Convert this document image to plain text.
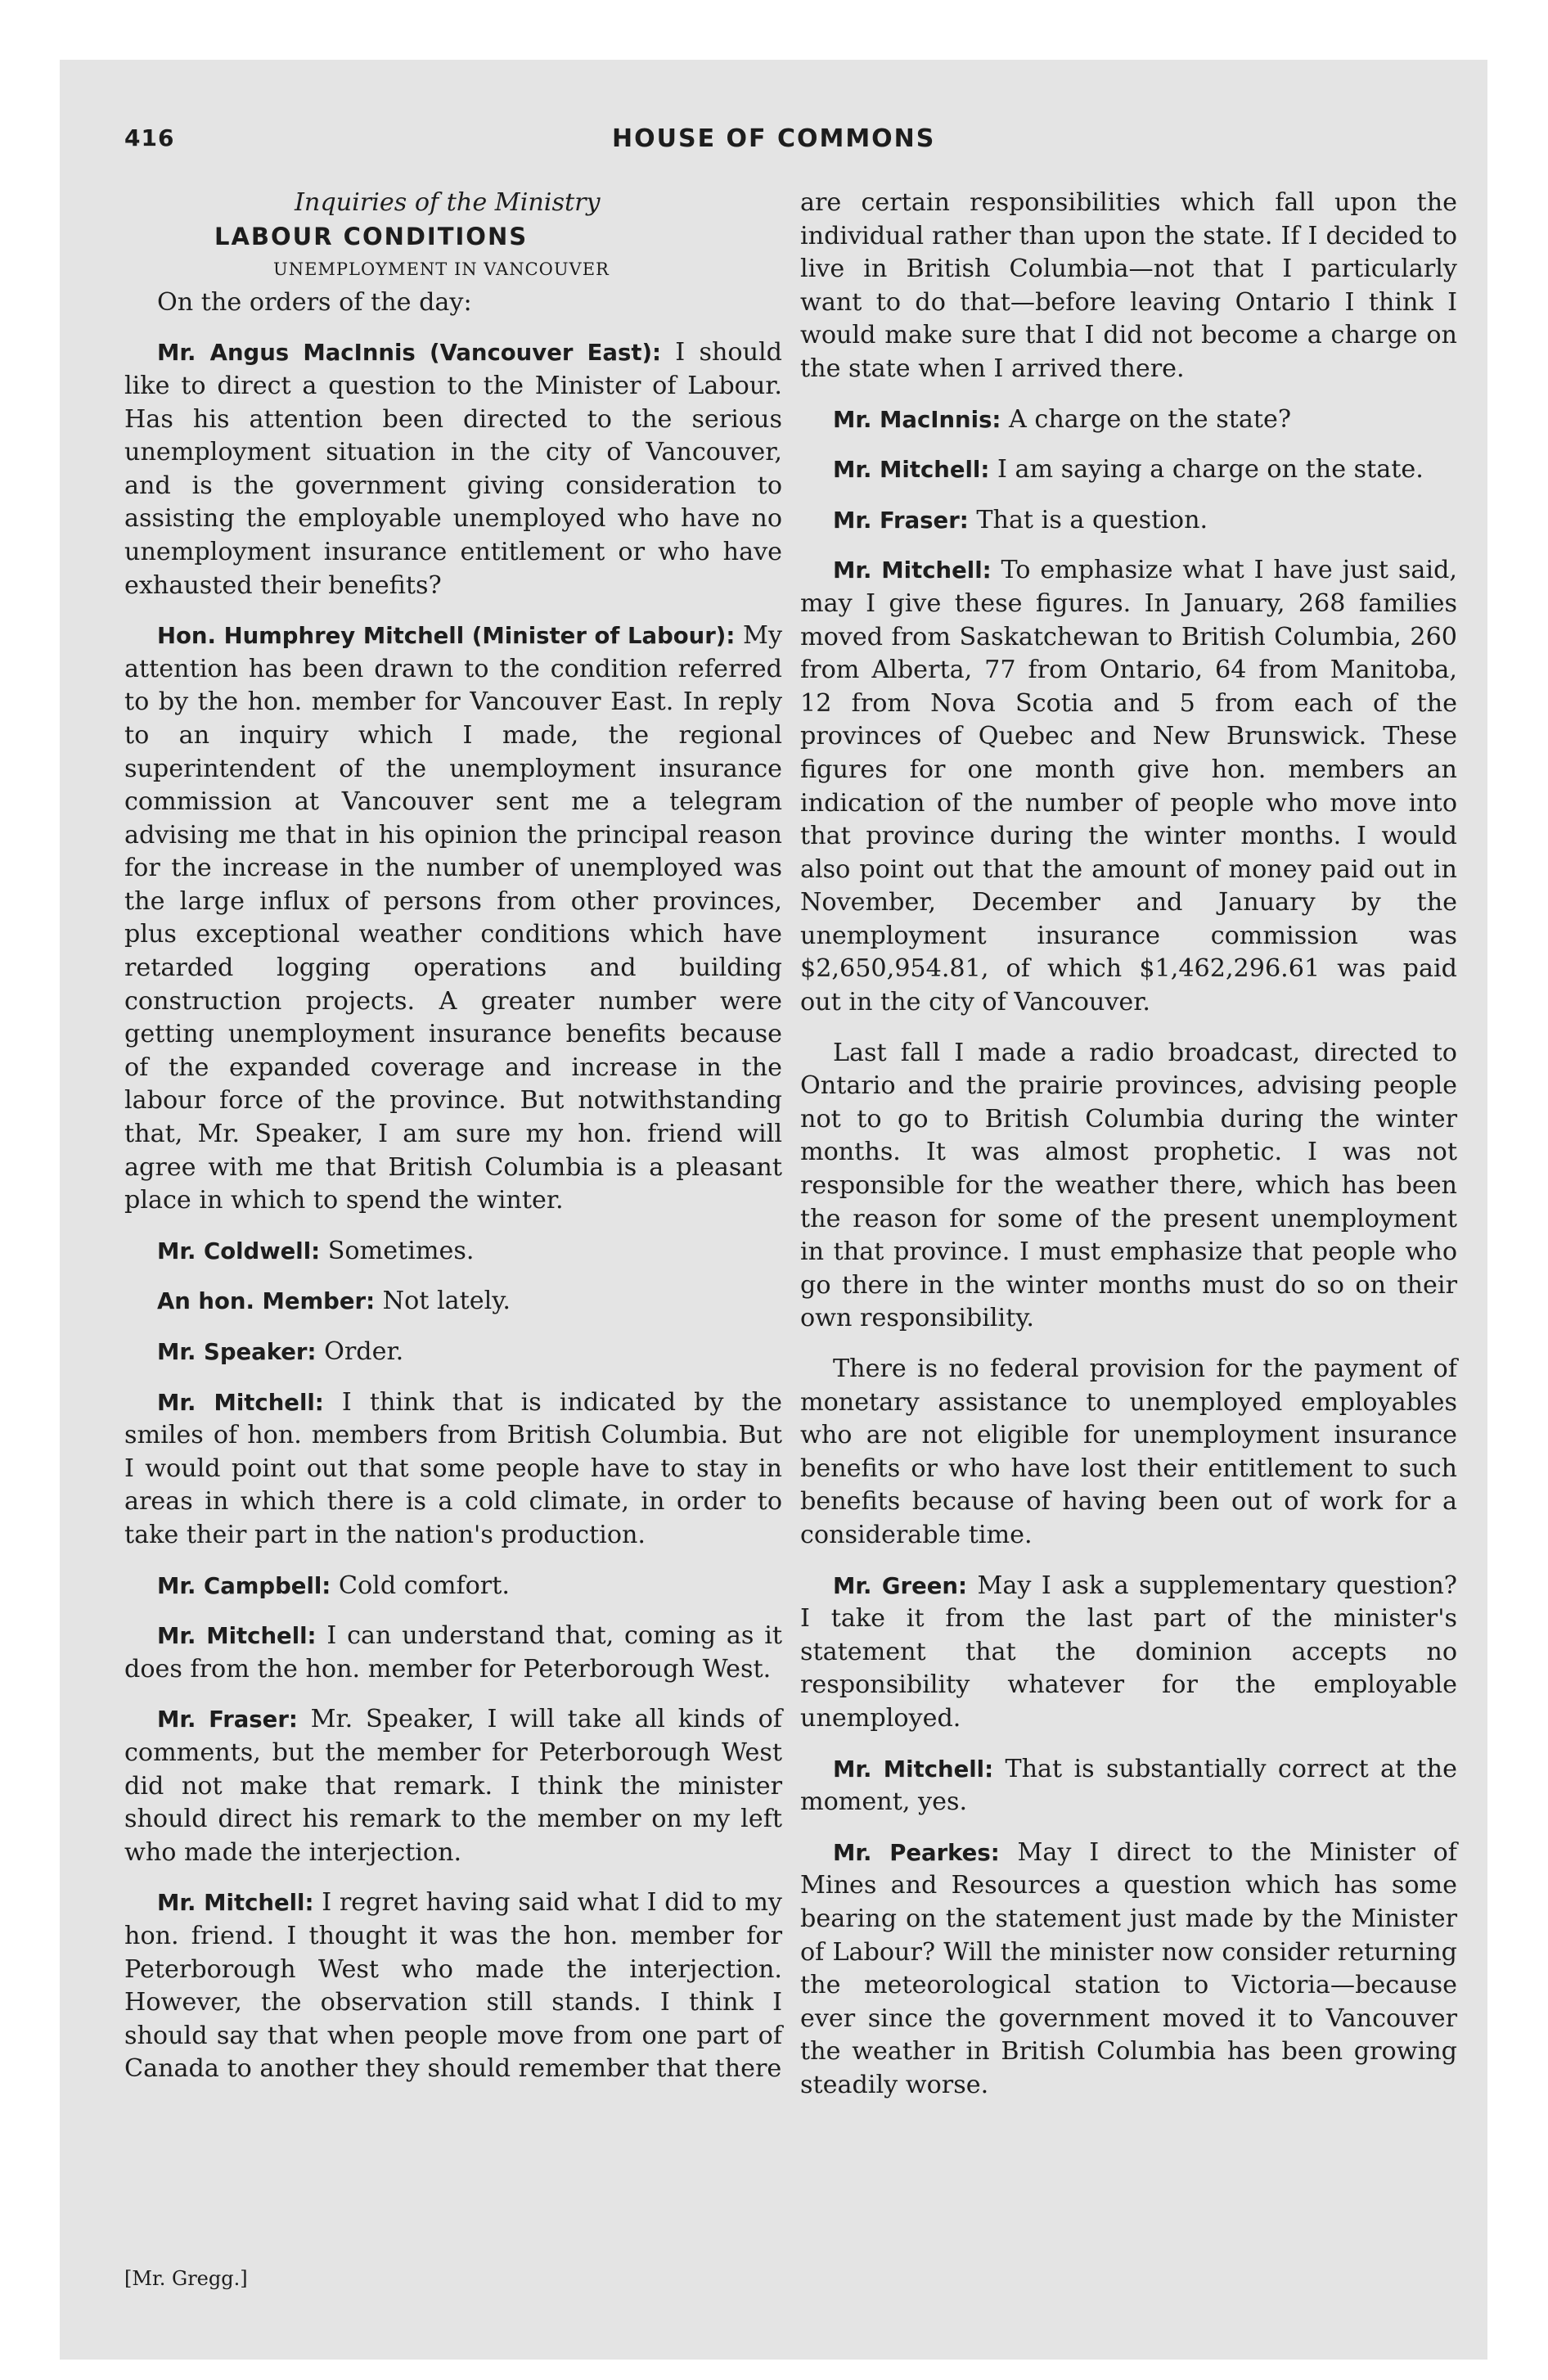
416	HOUSE OF COMMONS

Inquiries of the Ministry

LABOUR CONDITIONS

UNEMPLOYMENT IN VANCOUVER

On the orders of the day:

Mr. Angus MacInnis (Vancouver East): I should like to direct a question to the Minister of Labour. Has his attention been directed to the serious unemployment situation in the city of Vancouver, and is the government giving consideration to assisting the employable unemployed who have no unemployment insurance entitlement or who have exhausted their benefits?

Hon. Humphrey Mitchell (Minister of Labour): My attention has been drawn to the condition referred to by the hon. member for Vancouver East. In reply to an inquiry which I made, the regional superintendent of the unemployment insurance commission at Vancouver sent me a telegram advising me that in his opinion the principal reason for the increase in the number of unemployed was the large influx of persons from other provinces, plus exceptional weather conditions which have retarded logging operations and building construction projects. A greater number were getting unemployment insurance benefits because of the expanded coverage and increase in the labour force of the province. But notwithstanding that, Mr. Speaker, I am sure my hon. friend will agree with me that British Columbia is a pleasant place in which to spend the winter.

Mr. Coldwell: Sometimes.

An hon. Member: Not lately.

Mr. Speaker: Order.

Mr. Mitchell: I think that is indicated by the smiles of hon. members from British Columbia. But I would point out that some people have to stay in areas in which there is a cold climate, in order to take their part in the nation's production.

Mr. Campbell: Cold comfort.

Mr. Mitchell: I can understand that, coming as it does from the hon. member for Peterborough West.

Mr. Fraser: Mr. Speaker, I will take all kinds of comments, but the member for Peterborough West did not make that remark. I think the minister should direct his remark to the member on my left who made the interjection.

Mr. Mitchell: I regret having said what I did to my hon. friend. I thought it was the hon. member for Peterborough West who made the interjection. However, the observation still stands. I think I should say that when people move from one part of Canada to another they should remember that there

are certain responsibilities which fall upon the individual rather than upon the state. If I decided to live in British Columbia—not that I particularly want to do that—before leaving Ontario I think I would make sure that I did not become a charge on the state when I arrived there.

Mr. MacInnis: A charge on the state?

Mr. Mitchell: I am saying a charge on the state.

Mr. Fraser: That is a question.

Mr. Mitchell: To emphasize what I have just said, may I give these figures. In January, 268 families moved from Saskatchewan to British Columbia, 260 from Alberta, 77 from Ontario, 64 from Manitoba, 12 from Nova Scotia and 5 from each of the provinces of Quebec and New Brunswick. These figures for one month give hon. members an indication of the number of people who move into that province during the winter months. I would also point out that the amount of money paid out in November, December and January by the unemployment insurance commission was $2,650,954.81, of which $1,462,296.61 was paid out in the city of Vancouver.

Last fall I made a radio broadcast, directed to Ontario and the prairie provinces, advising people not to go to British Columbia during the winter months. It was almost prophetic. I was not responsible for the weather there, which has been the reason for some of the present unemployment in that province. I must emphasize that people who go there in the winter months must do so on their own responsibility.

There is no federal provision for the payment of monetary assistance to unemployed employables who are not eligible for unemployment insurance benefits or who have lost their entitlement to such benefits because of having been out of work for a considerable time.

Mr. Green: May I ask a supplementary question? I take it from the last part of the minister's statement that the dominion accepts no responsibility whatever for the employable unemployed.

Mr. Mitchell: That is substantially correct at the moment, yes.

Mr. Pearkes: May I direct to the Minister of Mines and Resources a question which has some bearing on the statement just made by the Minister of Labour? Will the minister now consider returning the meteorological station to Victoria—because ever since the government moved it to Vancouver the weather in British Columbia has been growing steadily worse.

[Mr. Gregg.]
